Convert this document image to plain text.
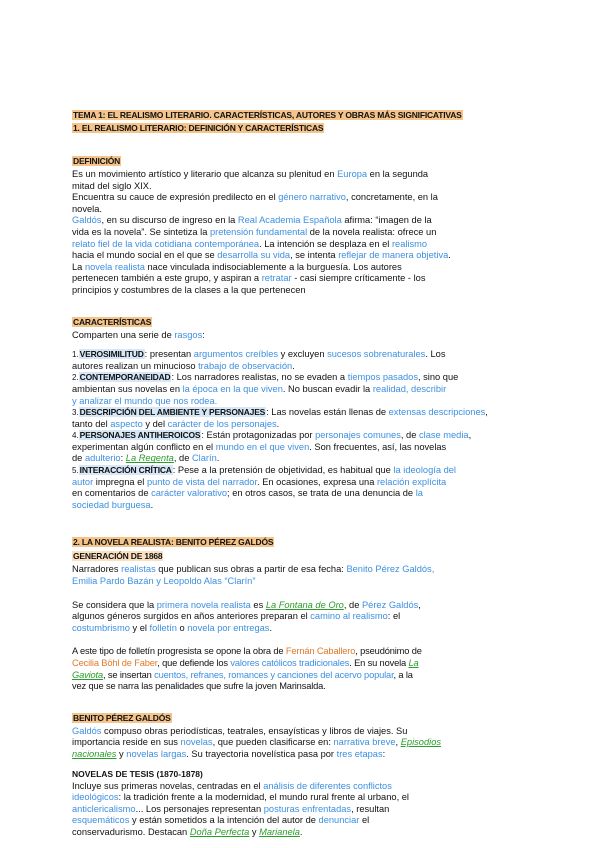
TEMA 1: EL REALISMO LITERARIO. CARACTERÍSTICAS, AUTORES Y OBRAS MÁS SIGNIFICATIVAS
1. EL REALISMO LITERARIO: DEFINICIÓN Y CARACTERÍSTICAS
DEFINICIÓN

Es un movimiento artístico y literario que alcanza su plenitud en Europa en la segunda

mitad del siglo XIX.

Encuentra su cauce de expresión predilecto en el género narrativo, concretamente, en la

novela.

Galdós, en su discurso de ingreso en la Real Academia Española afirma: “imagen de la

vida es la novela”. Se sintetiza la pretensión fundamental de la novela realista: ofrece un

relato fiel de la vida cotidiana contemporánea. La intención se desplaza en el realismo

hacia el mundo social en el que se desarrolla su vida, se intenta reflejar de manera objetiva.

La novela realista nace vinculada indisociablemente a la burguesía. Los autores

pertenecen también a este grupo, y aspiran a retratar - casi siempre críticamente - los

principios y costumbres de la clases a la que pertenecen

CARACTERÍSTICAS

Comparten una serie de rasgos:

1.VEROSIMILITUD: presentan argumentos creíbles y excluyen sucesos sobrenaturales. Los

autores realizan un minucioso trabajo de observación.

2.CONTEMPORANEIDAD: Los narradores realistas, no se evaden a tiempos pasados, sino que

ambientan sus novelas en la época en la que viven. No buscan evadir la realidad, describir

y analizar el mundo que nos rodea.

3.DESCRIPCIÓN DEL AMBIENTE Y PERSONAJES: Las novelas están llenas de extensas descripciones,

tanto del aspecto y del carácter de los personajes.

4.PERSONAJES ANTIHEROICOS: Están protagonizadas por personajes comunes, de clase media,

experimentan algún conflicto en el mundo en el que viven. Son frecuentes, así, las novelas

de adulterio: La Regenta, de Clarín.

5.INTERACCIÓN CRÍTICA: Pese a la pretensión de objetividad, es habitual que la ideología del

autor impregna el punto de vista del narrador. En ocasiones, expresa una relación explícita

en comentarios de carácter valorativo; en otros casos, se trata de una denuncia de la

sociedad burguesa.

2. LA NOVELA REALISTA: BENITO PÉREZ GALDÓS
GENERACIÓN DE 1868

Narradores realistas que publican sus obras a partir de esa fecha: Benito Pérez Galdós,

Emilia Pardo Bazán y Leopoldo Alas “Clarín”

Se considera que la primera novela realista es La Fontana de Oro, de Pérez Galdós,

algunos géneros surgidos en años anteriores preparan el camino al realismo: el

costumbrismo y el folletín o novela por entregas.

A este tipo de folletín progresista se opone la obra de Fernán Caballero, pseudónimo de

Cecilia Böhl de Faber, que defiende los valores católicos tradicionales. En su novela La

Gaviota, se insertan cuentos, refranes, romances y canciones del acervo popular, a la

vez que se narra las penalidades que sufre la joven Marinsalda.

BENITO PÉREZ GALDÓS

Galdós compuso obras periodísticas, teatrales, ensayísticas y libros de viajes. Su

importancia reside en sus novelas, que pueden clasificarse en: narrativa breve, Episodios

nacionales y novelas largas. Su trayectoria novelística pasa por tres etapas:

NOVELAS DE TESIS (1870-1878)

Incluye sus primeras novelas, centradas en el análisis de diferentes conflictos

ideológicos: la tradición frente a la modernidad, el mundo rural frente al urbano, el

anticlericalismo... Los personajes representan posturas enfrentadas, resultan

esquemáticos y están sometidos a la intención del autor de denunciar el

conservadurismo. Destacan Doña Perfecta y Marianela.
